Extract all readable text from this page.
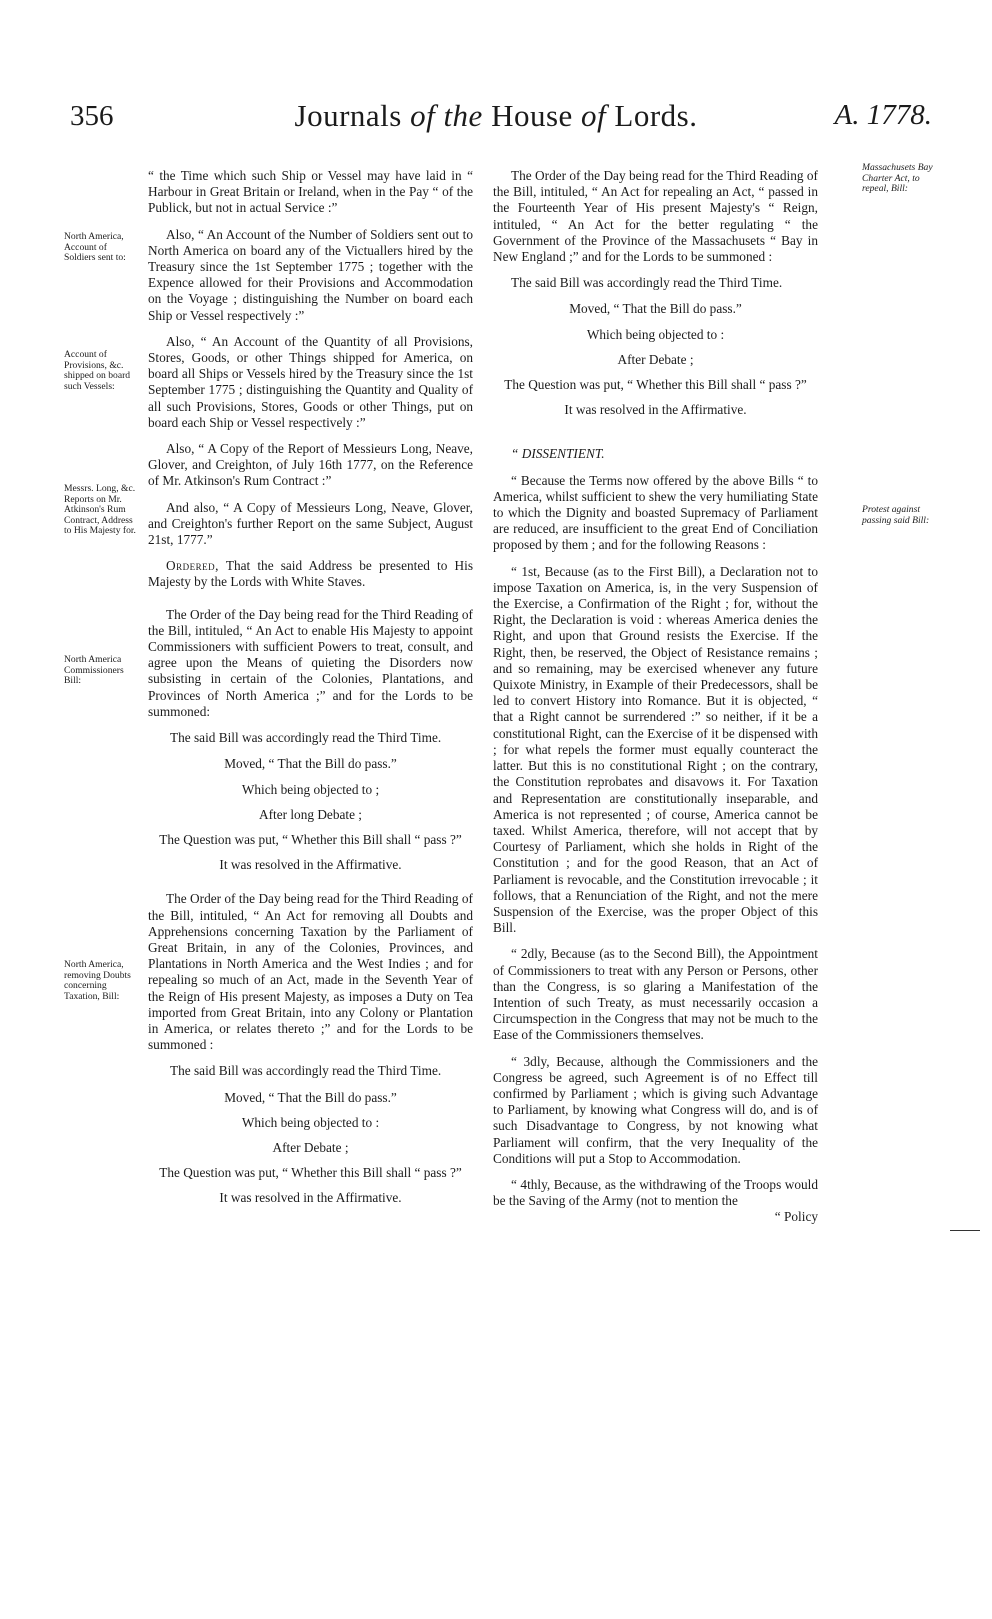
356	Journals of the House of Lords.	A. 1778.
North America, Account of Soldiers sent to:
Account of Provisions, &c. shipped on board such Vessels:
Messrs. Long, &c. Reports on Mr. Atkinson's Rum Contract, Address to His Majesty for.
North America Commissioners Bill:
North America, removing Doubts concerning Taxation, Bill:
Massachusets Bay Charter Act, to repeal, Bill:
Protest against passing said Bill:

“ the Time which such Ship or Vessel may have laid in “ Harbour in Great Britain or Ireland, when in the Pay “ of the Publick, but not in actual Service :”

Also, “ An Account of the Number of Soldiers sent out to North America on board any of the Victuallers hired by the Treasury since the 1st September 1775 ; together with the Expence allowed for their Provisions and Accommodation on the Voyage ; distinguishing the Number on board each Ship or Vessel respectively :”

Also, “ An Account of the Quantity of all Provisions, Stores, Goods, or other Things shipped for America, on board all Ships or Vessels hired by the Treasury since the 1st September 1775 ; distinguishing the Quantity and Quality of all such Provisions, Stores, Goods or other Things, put on board each Ship or Vessel respectively :”

Also, “ A Copy of the Report of Messieurs Long, Neave, Glover, and Creighton, of July 16th 1777, on the Reference of Mr. Atkinson's Rum Contract :”

And also, “ A Copy of Messieurs Long, Neave, Glover, and Creighton's further Report on the same Subject, August 21st, 1777.”

Ordered, That the said Address be presented to His Majesty by the Lords with White Staves.

The Order of the Day being read for the Third Reading of the Bill, intituled, “ An Act to enable His Majesty to appoint Commissioners with sufficient Powers to treat, consult, and agree upon the Means of quieting the Disorders now subsisting in certain of the Colonies, Plantations, and Provinces of North America ;” and for the Lords to be summoned:

The said Bill was accordingly read the Third Time.

Moved, “ That the Bill do pass.”
Which being objected to ;
After long Debate ;
The Question was put, “ Whether this Bill shall “ pass ?”
It was resolved in the Affirmative.

The Order of the Day being read for the Third Reading of the Bill, intituled, “ An Act for removing all Doubts and Apprehensions concerning Taxation by the Parliament of Great Britain, in any of the Colonies, Provinces, and Plantations in North America and the West Indies ; and for repealing so much of an Act, made in the Seventh Year of the Reign of His present Majesty, as imposes a Duty on Tea imported from Great Britain, into any Colony or Plantation in America, or relates thereto ;” and for the Lords to be summoned :

The said Bill was accordingly read the Third Time.

Moved, “ That the Bill do pass.”
Which being objected to :
After Debate ;
The Question was put, “ Whether this Bill shall “ pass ?”
It was resolved in the Affirmative.

The Order of the Day being read for the Third Reading of the Bill, intituled, “ An Act for repealing an Act, “ passed in the Fourteenth Year of His present Majesty's “ Reign, intituled, “ An Act for the better regulating “ the Government of the Province of the Massachusets “ Bay in New England ;” and for the Lords to be summoned :

The said Bill was accordingly read the Third Time.

Moved, “ That the Bill do pass.”
Which being objected to :
After Debate ;
The Question was put, “ Whether this Bill shall “ pass ?”
It was resolved in the Affirmative.

“ DISSENTIENT.

“ Because the Terms now offered by the above Bills “ to America, whilst sufficient to shew the very humiliating State to which the Dignity and boasted Supremacy of Parliament are reduced, are insufficient to the great End of Conciliation proposed by them ; and for the following Reasons :

“ 1st, Because (as to the First Bill), a Declaration not to impose Taxation on America, is, in the very Suspension of the Exercise, a Confirmation of the Right ; for, without the Right, the Declaration is void : whereas America denies the Right, and upon that Ground resists the Exercise. If the Right, then, be reserved, the Object of Resistance remains ; and so remaining, may be exercised whenever any future Quixote Ministry, in Example of their Predecessors, shall be led to convert History into Romance. But it is objected, “ that a Right cannot be surrendered :” so neither, if it be a constitutional Right, can the Exercise of it be dispensed with ; for what repels the former must equally counteract the latter. But this is no constitutional Right ; on the contrary, the Constitution reprobates and disavows it. For Taxation and Representation are constitutionally inseparable, and America is not represented ; of course, America cannot be taxed. Whilst America, therefore, will not accept that by Courtesy of Parliament, which she holds in Right of the Constitution ; and for the good Reason, that an Act of Parliament is revocable, and the Constitution irrevocable ; it follows, that a Renunciation of the Right, and not the mere Suspension of the Exercise, was the proper Object of this Bill.

“ 2dly, Because (as to the Second Bill), the Appointment of Commissioners to treat with any Person or Persons, other than the Congress, is so glaring a Manifestation of the Intention of such Treaty, as must necessarily occasion a Circumspection in the Congress that may not be much to the Ease of the Commissioners themselves.

“ 3dly, Because, although the Commissioners and the Congress be agreed, such Agreement is of no Effect till confirmed by Parliament ; which is giving such Advantage to Parliament, by knowing what Congress will do, and is of such Disadvantage to Congress, by not knowing what Parliament will confirm, that the very Inequality of the Conditions will put a Stop to Accommodation.

“ 4thly, Because, as the withdrawing of the Troops would be the Saving of the Army (not to mention the

“ Policy
